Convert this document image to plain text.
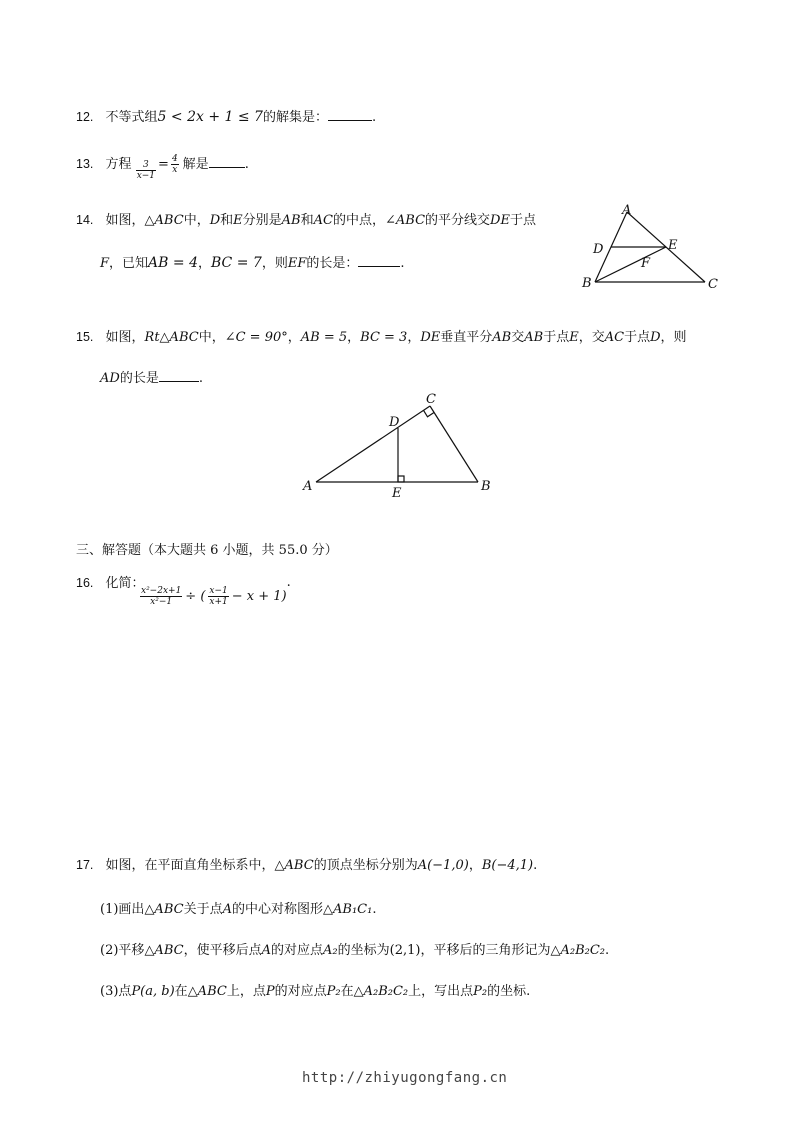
12. 不等式组5 < 2x + 1 ≤ 7的解集是：	.
13. 方程 $\frac{3}{x-1} = \frac{4}{x}$ 解是	.
14. 如图，△ABC中，D和E分别是AB和AC的中点，∠ABC的平分线交DE于点
F，已知AB = 4，BC = 7，则EF的长是：	.
A
B	C
D	E
F
15. 如图，Rt△ABC中，∠C = 90°，AB = 5，BC = 3，DE垂直平分AB交AB于点E，交AC于点D，则
AD的长是	.
A	B
C
D
E
三、解答题（本大题共 6 小题，共 55.0 分）
16. 化简：
$\frac{\text{x²−2x+1}}{\text{x²−1}}$ ÷ ( $\frac{x-1}{x+1} - x + 1$).
17. 如图，在平面直角坐标系中，△ABC的顶点坐标分别为A(−1,0)，B(−4,1).
(1)画出△ABC关于点A的中心对称图形△AB₁C₁.
(2)平移△ABC，使平移后点A的对应点A₂的坐标为(2,1)，平移后的三角形记为△A₂B₂C₂.
(3)点P(a, b)在△ABC上，点P的对应点P₂在△A₂B₂C₂上，写出点P₂的坐标.
http://zhiyugongfang.cn
